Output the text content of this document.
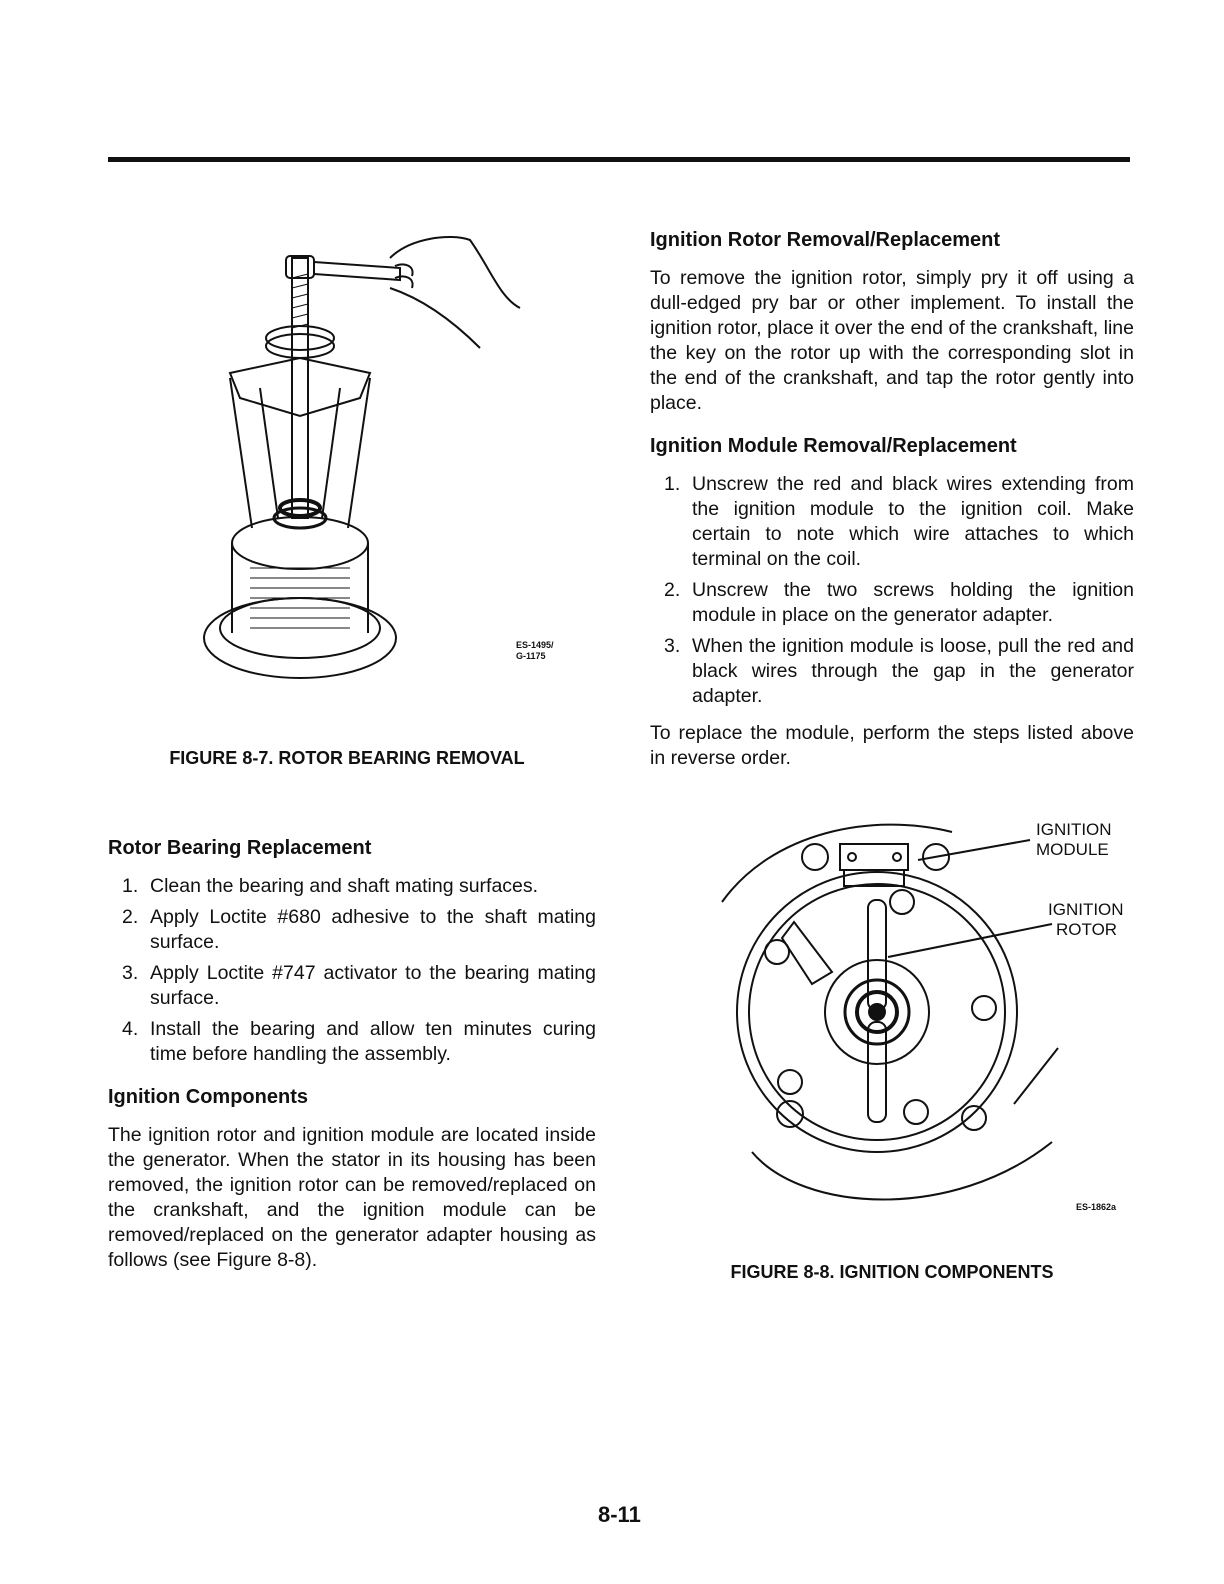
ES-1495/
G-1175
FIGURE 8-7. ROTOR BEARING REMOVAL
Rotor Bearing Replacement
1. Clean the bearing and shaft mating surfaces.
2. Apply Loctite #680 adhesive to the shaft mating surface.
3. Apply Loctite #747 activator to the bearing mating surface.
4. Install the bearing and allow ten minutes curing time before handling the assembly.
Ignition Components

The ignition rotor and ignition module are located inside the generator. When the stator in its housing has been removed, the ignition rotor can be removed/replaced on the crankshaft, and the ignition module can be removed/replaced on the generator adapter housing as follows (see Figure 8-8).

Ignition Rotor Removal/Replacement

To remove the ignition rotor, simply pry it off using a dull-edged pry bar or other implement. To install the ignition rotor, place it over the end of the crankshaft, line the key on the rotor up with the corresponding slot in the end of the crankshaft, and tap the rotor gently into place.

Ignition Module Removal/Replacement
1. Unscrew the red and black wires extending from the ignition module to the ignition coil. Make certain to note which wire attaches to which terminal on the coil.
2. Unscrew the two screws holding the ignition module in place on the generator adapter.
3. When the ignition module is loose, pull the red and black wires through the gap in the generator adapter.

To replace the module, perform the steps listed above in reverse order.

IGNITION
MODULE
IGNITION
ROTOR
ES-1862a
FIGURE 8-8. IGNITION COMPONENTS
8-11
